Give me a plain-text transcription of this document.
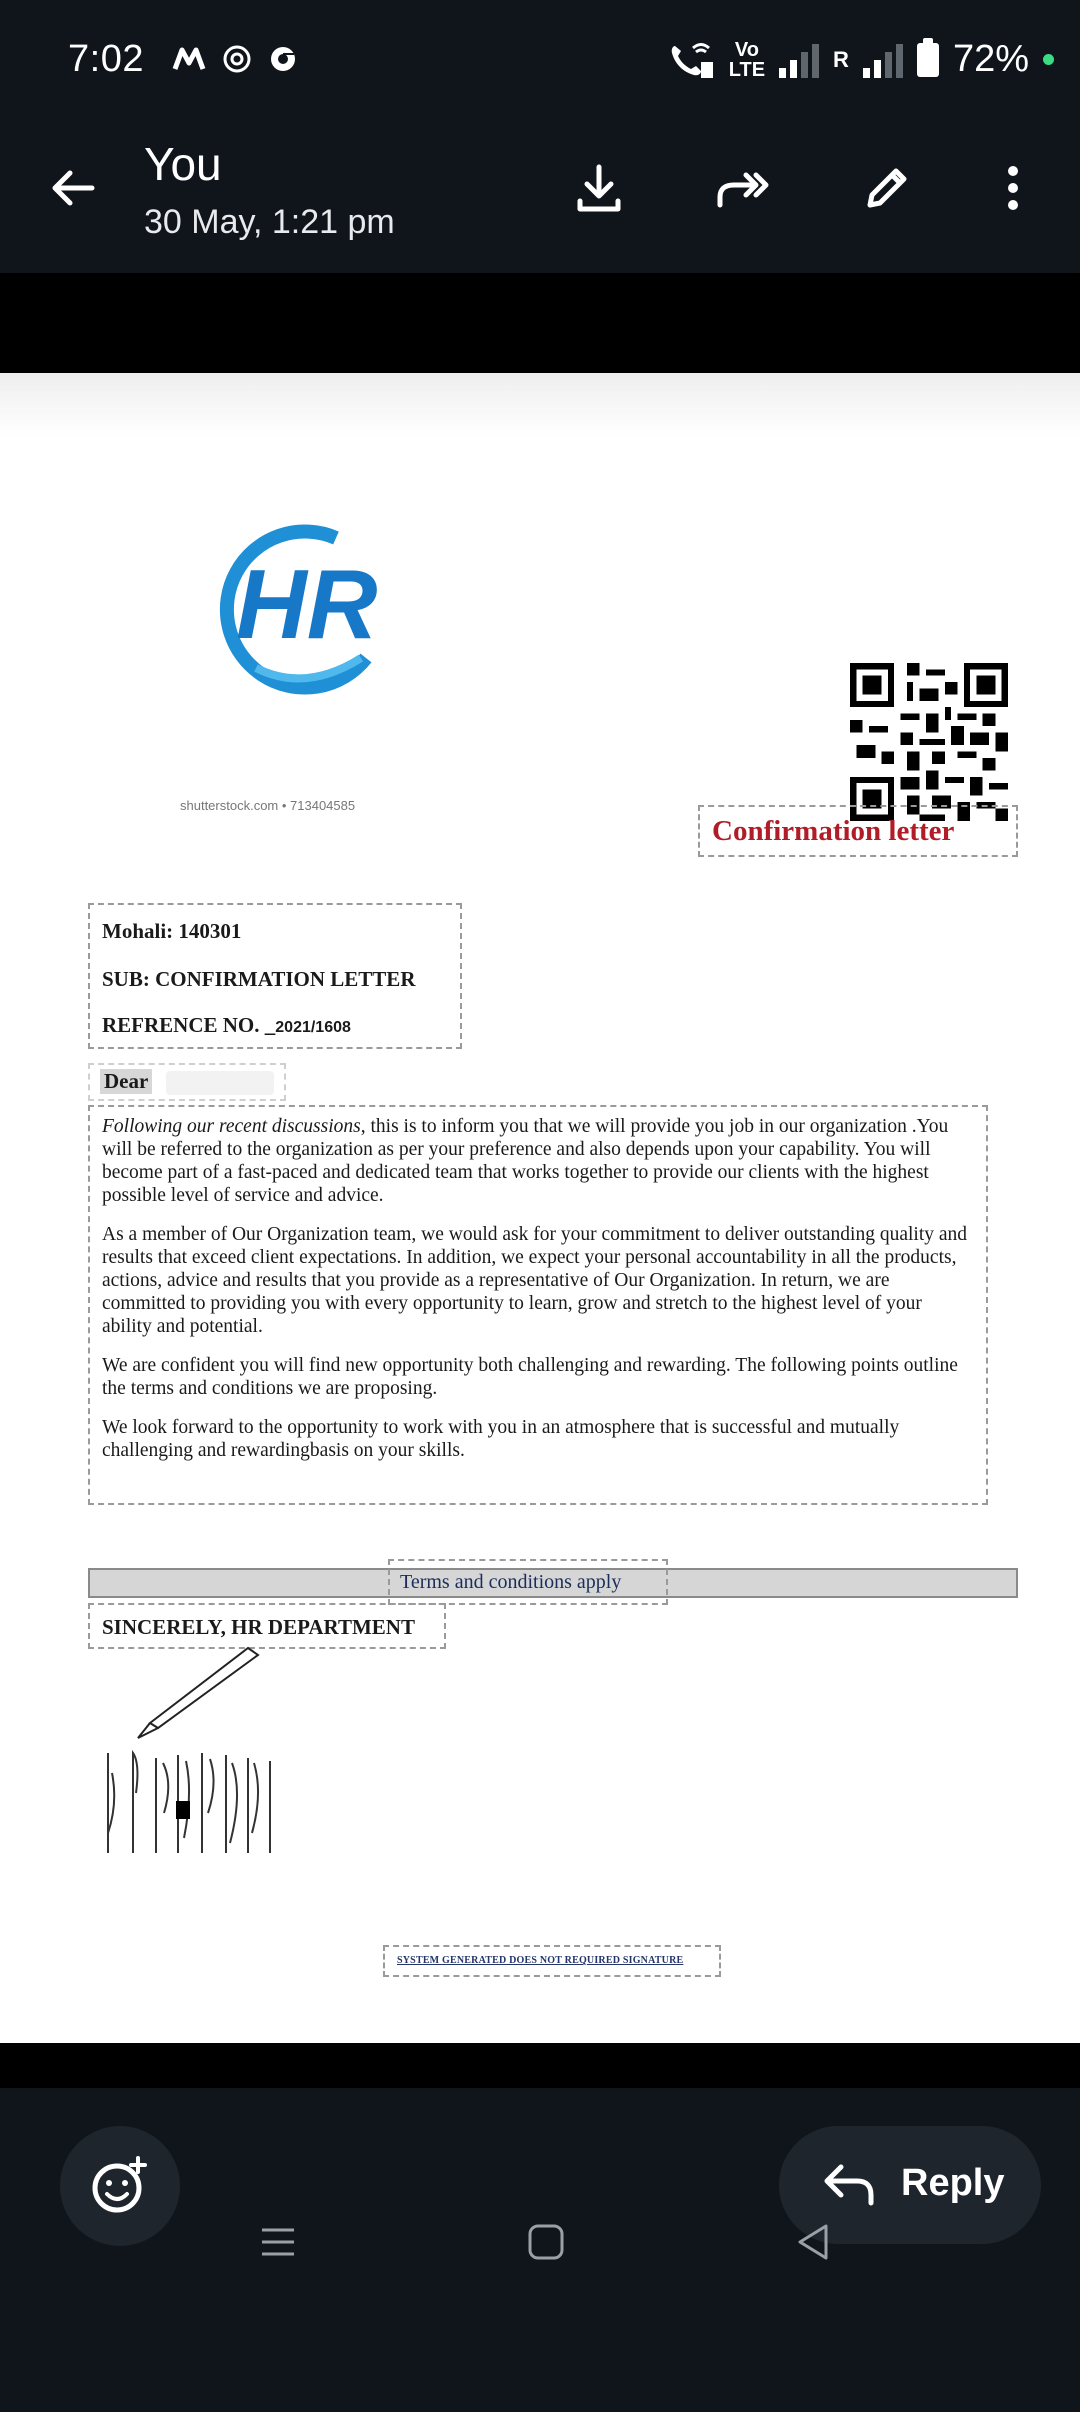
7:02	Vo
LTE	R	72%
You
30 May, 1:21 pm
HR
shutterstock.com • 713404585
Confirmation letter
Mohali: 140301
SUB: CONFIRMATION LETTER
REFRENCE NO. _2021/1608
Dear

Following our recent discussions, this is to inform you that we will provide you job in our organization .You will be referred to the organization as per your preference and also depends upon your capability. You will become part of a fast-paced and dedicated team that works together to provide our clients with the highest possible level of service and advice.

As a member of Our Organization team, we would ask for your commitment to deliver outstanding quality and results that exceed client expectations. In addition, we expect your personal accountability in all the products, actions, advice and results that you provide as a representative of Our Organization. In return, we are committed to providing you with every opportunity to learn, grow and stretch to the highest level of your ability and potential.

We are confident you will find new opportunity both challenging and rewarding. The following points outline the terms and conditions we are proposing.

We look forward to the opportunity to work with you in an atmosphere that is successful and mutually challenging and rewardingbasis on your skills.

Terms and conditions apply
SINCERELY, HR DEPARTMENT
SYSTEM GENERATED DOES NOT REQUIRED SIGNATURE
Reply
